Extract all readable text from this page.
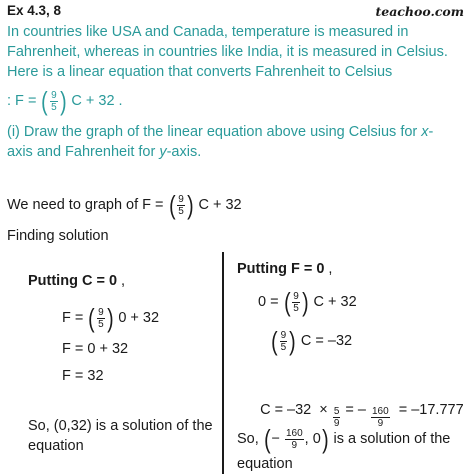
Ex 4.3, 8	teachoo.com
In countries like USA and Canada, temperature is measured in
Fahrenheit, whereas in countries like India, it is measured in Celsius.
Here is a linear equation that converts Fahrenheit to Celsius
: F = ( $\frac{9}{5}$ ) C + 32 .
(i) Draw the graph of the linear equation above using Celsius for x-
axis and Fahrenheit for y-axis.
We need to graph of F = ( $\frac{9}{5}$ ) C + 32
Finding solution
Putting C = 0 ,
F = ( $\frac{9}{5}$ ) 0 + 32
F = 0 + 32
F = 32
So, (0,32) is a solution of the
equation
Putting F = 0 ,
0 = ( $\frac{9}{5}$ ) C + 32
( $\frac{9}{5}$ ) C = –32

$C = -32 \times \frac{5}{9}$ = – $\frac{160}{9} = -17.777$

So, ( − $\frac{160}{9}$ , 0 ) is a solution of the
equation
